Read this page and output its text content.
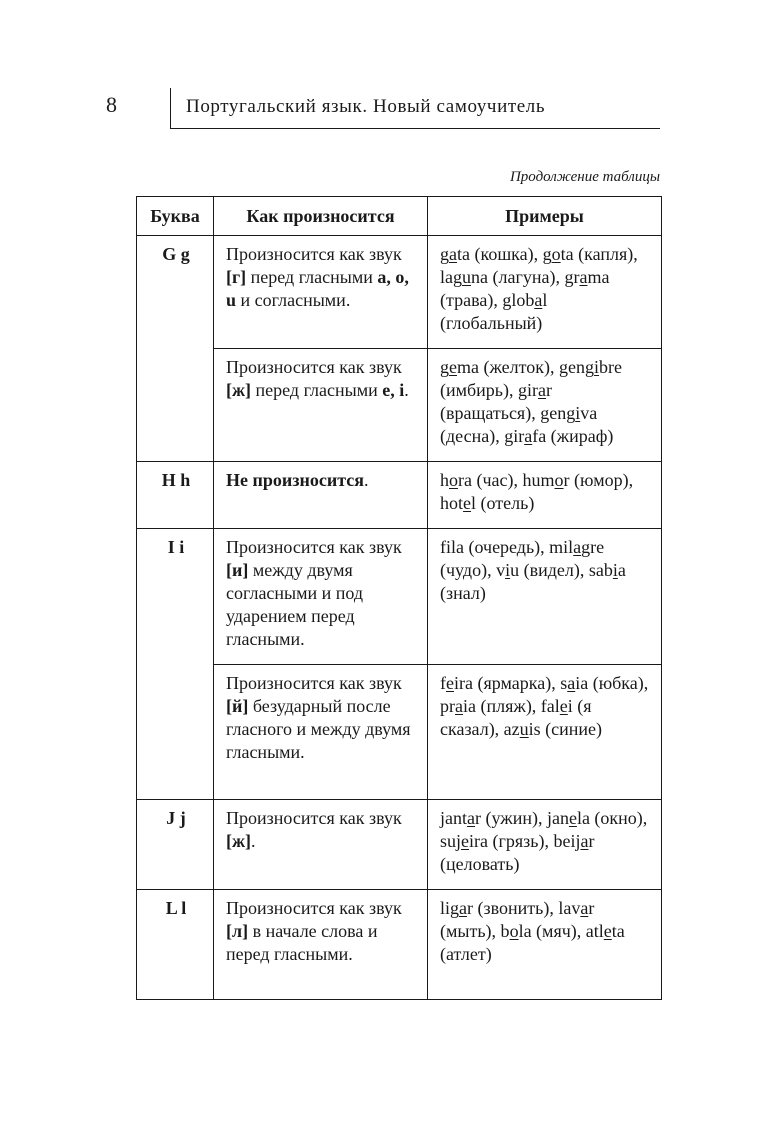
8	Португальский язык. Новый самоучитель
Продолжение таблицы
Буква	Как произносится	Примеры
G g	Произносится как звук [г] перед гласными a, o, u и согласными.	gata (кошка), gota (капля), laguna (лагуна), grama (трава), global (глобальный)
	Произносится как звук [ж] перед гласными e, i.	gema (желток), gengibre (имбирь), girar (вращаться), gengiva (десна), girafa (жираф)
H h	Не произносится.	hora (час), humor (юмор), hotel (отель)
I i	Произносится как звук [и] между двумя согласными и под ударением перед гласными.	fila (очередь), milagre (чудо), viu (видел), sabia (знал)
	Произносится как звук [й] безударный после гласного и между двумя гласными.	feira (ярмарка), saia (юбка), praia (пляж), falei (я сказал), azuis (синие)
J j	Произносится как звук [ж].	jantar (ужин), janela (окно), sujeira (грязь), beijar (целовать)
L l	Произносится как звук [л] в начале слова и перед гласными.	ligar (звонить), lavar (мыть), bola (мяч), atleta (атлет)
